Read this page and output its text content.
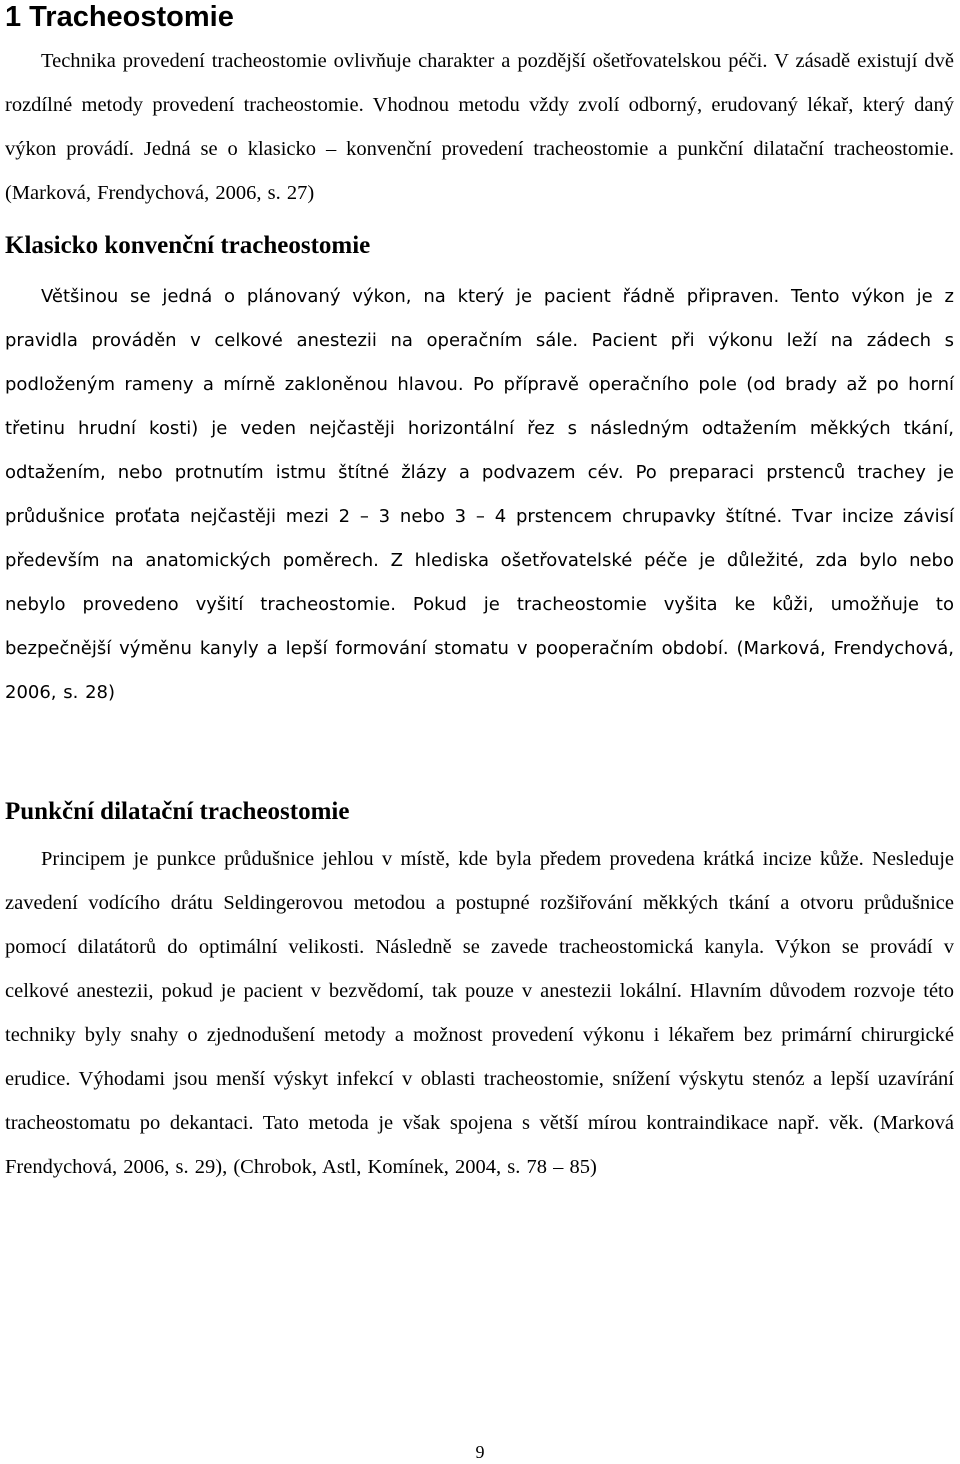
1 Tracheostomie

Technika provedení tracheostomie ovlivňuje charakter a pozdější ošetřovatelskou péči. V zásadě existují dvě rozdílné metody provedení tracheostomie. Vhodnou metodu vždy zvolí odborný, erudovaný lékař, který daný výkon provádí. Jedná se o klasicko – konvenční provedení tracheostomie a punkční dilatační tracheostomie. (Marková, Frendychová, 2006, s. 27)

Klasicko konvenční tracheostomie

Většinou se jedná o plánovaný výkon, na který je pacient řádně připraven. Tento výkon je z pravidla prováděn v celkové anestezii na operačním sále. Pacient při výkonu leží na zádech s podloženým rameny a mírně zakloněnou hlavou. Po přípravě operačního pole (od brady až po horní třetinu hrudní kosti) je veden nejčastěji horizontální řez s následným odtažením měkkých tkání, odtažením, nebo protnutím istmu štítné žlázy a podvazem cév. Po preparaci prstenců trachey je průdušnice proťata nejčastěji mezi 2 – 3 nebo 3 – 4 prstencem chrupavky štítné. Tvar incize závisí především na anatomických poměrech. Z hlediska ošetřovatelské péče je důležité, zda bylo nebo nebylo provedeno vyšití tracheostomie. Pokud je tracheostomie vyšita ke kůži, umožňuje to bezpečnější výměnu kanyly a lepší formování stomatu v pooperačním období. (Marková, Frendychová, 2006, s. 28)

Punkční dilatační tracheostomie

Principem je punkce průdušnice jehlou v místě, kde byla předem provedena krátká incize kůže. Nesleduje zavedení vodícího drátu Seldingerovou metodou a postupné rozšiřování měkkých tkání a otvoru průdušnice pomocí dilatátorů do optimální velikosti. Následně se zavede tracheostomická kanyla. Výkon se provádí v celkové anestezii, pokud je pacient v bezvědomí, tak pouze v anestezii lokální. Hlavním důvodem rozvoje této techniky byly snahy o zjednodušení metody a možnost provedení výkonu i lékařem bez primární chirurgické erudice. Výhodami jsou menší výskyt infekcí v oblasti tracheostomie, snížení výskytu stenóz a lepší uzavírání tracheostomatu po dekantaci. Tato metoda je však spojena s větší mírou kontraindikace např. věk. (Marková Frendychová, 2006, s. 29), (Chrobok, Astl, Komínek, 2004, s. 78 – 85)

9
